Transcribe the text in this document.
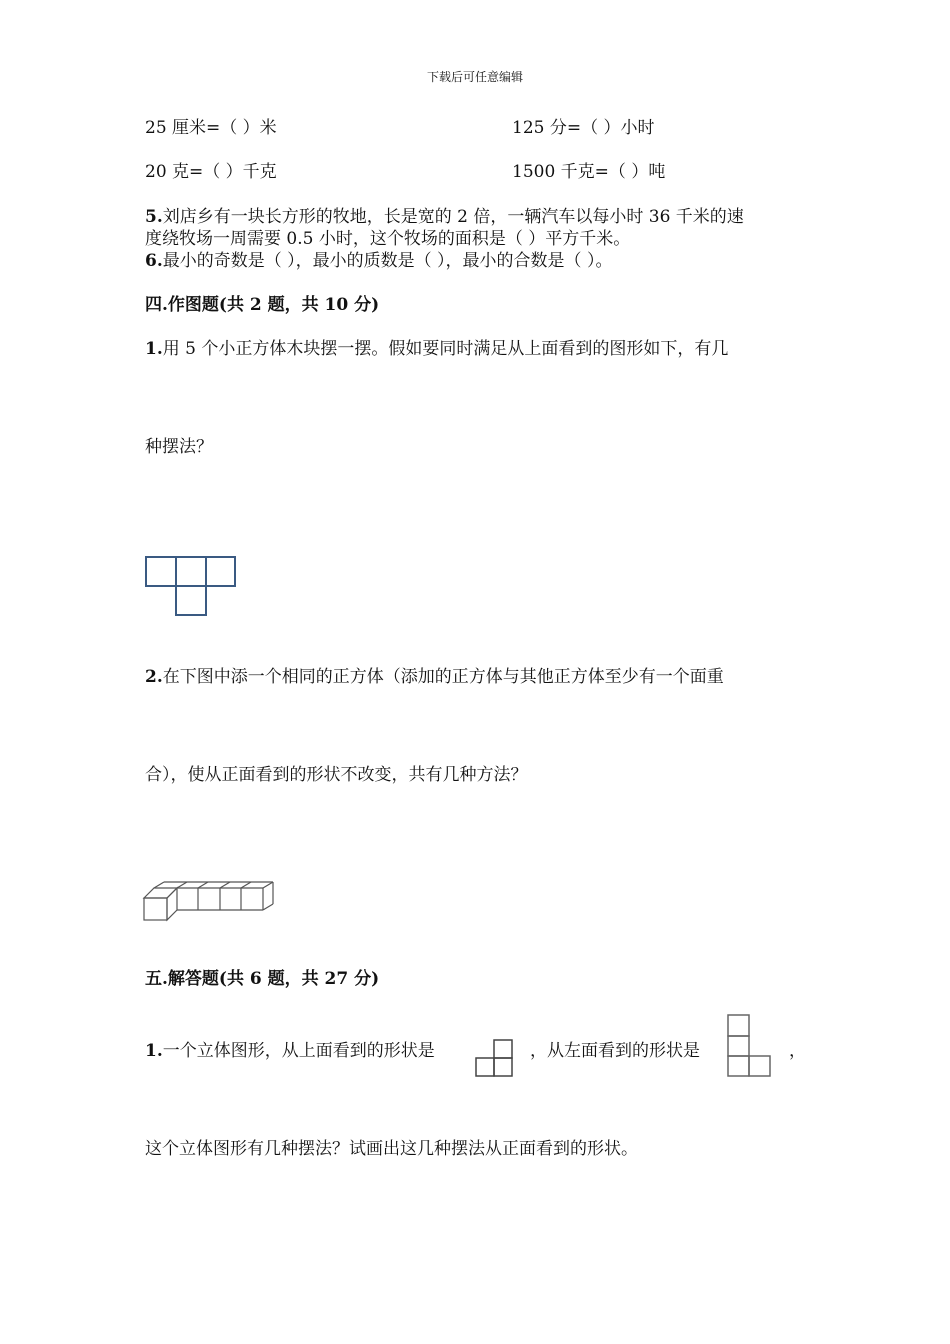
下载后可任意编辑
25 厘米=（ ）米	125 分=（ ）小时
20 克=（ ）千克	1500 千克=（ ）吨
5.刘店乡有一块长方形的牧地，长是宽的 2 倍，一辆汽车以每小时 36 千米的速
度绕牧场一周需要 0.5 小时，这个牧场的面积是（ ）平方千米。
6.最小的奇数是（ ），最小的质数是（ ），最小的合数是（ ）。
四.作图题(共 2 题，共 10 分)
1.用 5 个小正方体木块摆一摆。假如要同时满足从上面看到的图形如下，有几
种摆法？
2.在下图中添一个相同的正方体（添加的正方体与其他正方体至少有一个面重
合），使从正面看到的形状不改变，共有几种方法？
五.解答题(共 6 题，共 27 分)
1.一个立体图形，从上面看到的形状是	，从左面看到的形状是	，
这个立体图形有几种摆法？试画出这几种摆法从正面看到的形状。
